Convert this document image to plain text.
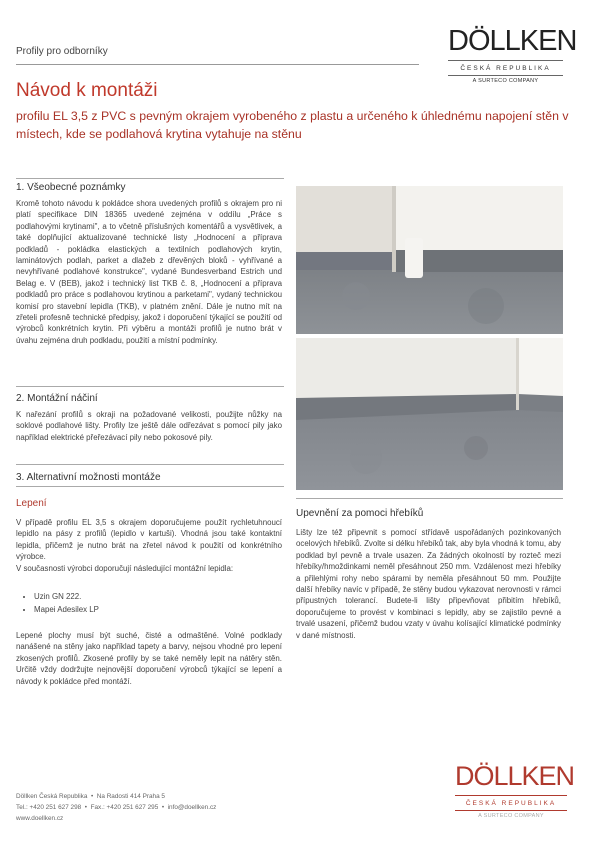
Profily pro odborníky	DÖLLKEN
ČESKÁ REPUBLIKA
A SURTECO COMPANY
Návod k montáži
profilu EL 3,5 z PVC s pevným okrajem vyrobeného z plastu a určeného k úhlednému napojení stěn v místech, kde se podlahová krytina vytahuje na stěnu
1. Všeobecné poznámky
Kromě tohoto návodu k pokládce shora uvedených profilů s okrajem pro ni platí specifikace DIN 18365 uvedené zejména v oddílu „Práce s podlahovými krytinami", a to včetně příslušných komentářů a vysvětlivek, a také doplňující aktualizované technické listy „Hodnocení a příprava podkladů - pokládka elastických a textilních podlahových krytin, laminátových podlah, parket a dlažeb z dřevěných bloků - vyhřívané a nevyhřívané podlahové konstrukce", vydané Bundesverband Estrich und Belag e. V (BEB), jakož i technický list TKB č. 8, „Hodnocení a příprava podkladů pro práce s podlahovou krytinou a parketami", vydaný technickou komisí pro stavební lepidla (TKB), v platném znění. Dále je nutno mít na zřeteli profesně technické předpisy, jakož i doporučení týkající se použití od výrobců konkrétních krytin. Při výběru a montáži profilů je nutno brát v úvahu zejména druh podkladu, použití a místní podmínky.
2. Montážní náčiní
K nařezání profilů s okraji na požadované velikosti, použijte nůžky na soklové podlahové lišty. Profily lze ještě dále odřezávat s pomocí pily jako například elektrické přeřezávací pily nebo pokosové pily.
3. Alternativní možnosti montáže
Lepení
V případě profilu EL 3,5 s okrajem doporučujeme použít rychletuhnoucí lepidlo na pásy z profilů (lepidlo v kartuši). Vhodná jsou také kontaktní lepidla, přičemž je nutno brát na zřetel návod k použití od konkrétního výrobce.
V současnosti výrobci doporučují následující montážní lepidla:
• Uzin GN 222.
• Mapei Adesilex LP
Lepené plochy musí být suché, čisté a odmaštěné. Volné podklady nanášené na stěny jako například tapety a barvy, nejsou vhodné pro lepení zkosených profilů. Zkosené profily by se také neměly lepit na nátěry stěn. Určitě vždy dodržujte nejnovější doporučení výrobců týkající se lepení a návody k pokládce před montáží.
Upevnění za pomoci hřebíků
Lišty lze též připevnit s pomocí střídavě uspořádaných pozinkovaných ocelových hřebíků. Zvolte si délku hřebíků tak, aby byla vhodná k tomu, aby podklad byl pevně a trvale usazen. Za žádných okolností by rozteč mezi hřebíky/hmoždinkami neměl přesáhnout 250 mm. Vzdálenost mezi hřebíky a přilehlými rohy nebo spárami by neměla přesáhnout 50 mm. Použijte další hřebíky navíc v případě, že stěny budou vykazovat nerovnosti v rámci přípustných tolerancí. Budete-li lišty připevňovat přibitím hřebíků, doporučujeme to provést v kombinaci s lepidly, aby se zajistilo pevné a trvalé usazení, přičemž budou vzaty v úvahu kolísající klimatické podmínky v dané místnosti.
Döllken Česká Republika  •  Na Radosti 414 Praha 5
Tel.: +420 251 627 298  •  Fax.: +420 251 627 295  •  info@doellken.cz
www.doellken.cz
DÖLLKEN
ČESKÁ REPUBLIKA
A SURTECO COMPANY
